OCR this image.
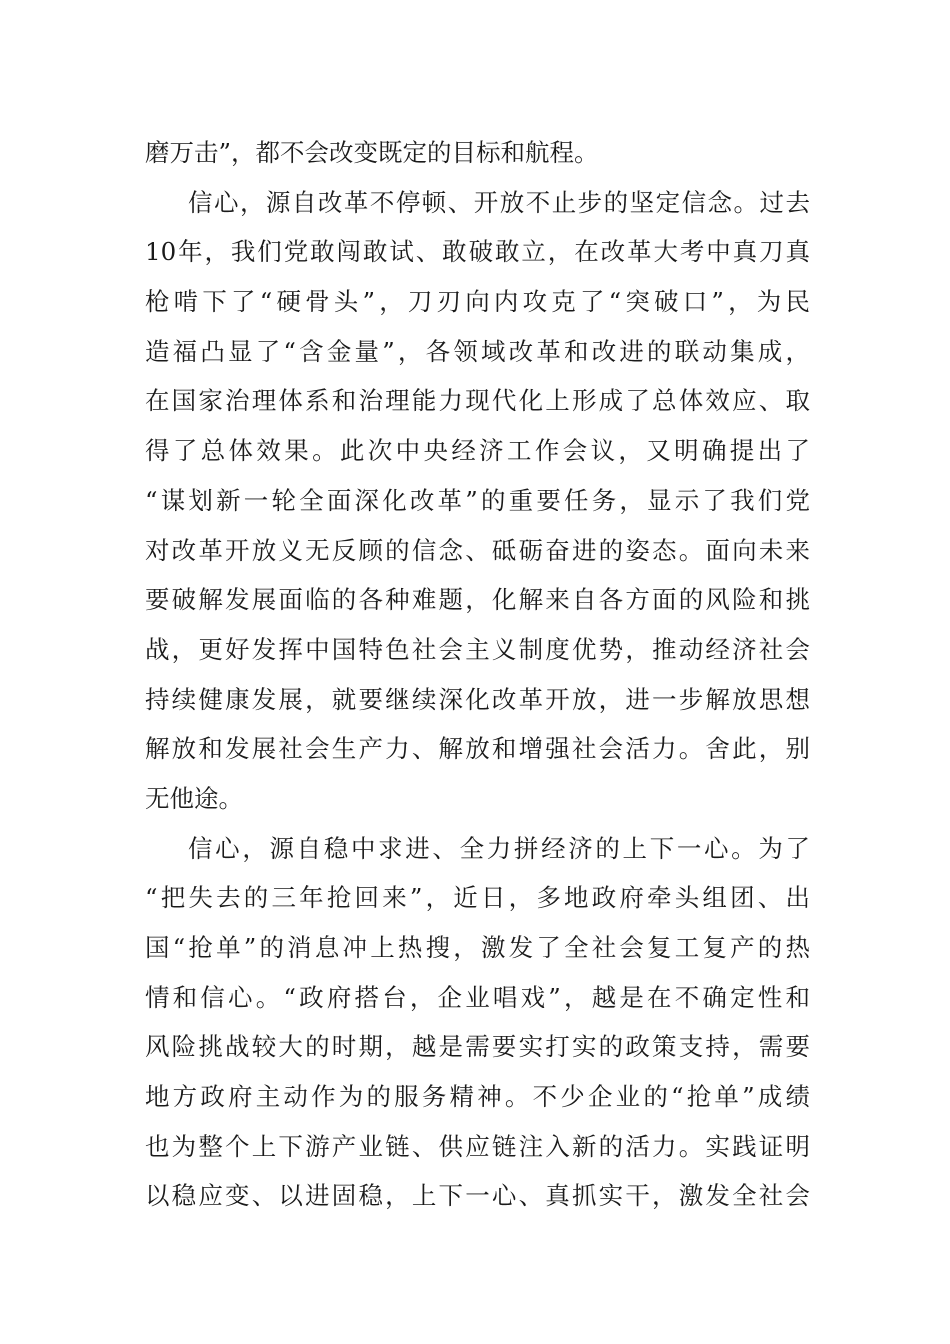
磨万击”，都不会改变既定的目标和航程。
信心，源自改革不停顿、开放不止步的坚定信念。过去
10年，我们党敢闯敢试、敢破敢立，在改革大考中真刀真
枪啃下了“硬骨头”，刀刃向内攻克了“突破口”，为民
造福凸显了“含金量”，各领域改革和改进的联动集成，
在国家治理体系和治理能力现代化上形成了总体效应、取
得了总体效果。此次中央经济工作会议，又明确提出了
“谋划新一轮全面深化改革”的重要任务，显示了我们党
对改革开放义无反顾的信念、砥砺奋进的姿态。面向未来
要破解发展面临的各种难题，化解来自各方面的风险和挑
战，更好发挥中国特色社会主义制度优势，推动经济社会
持续健康发展，就要继续深化改革开放，进一步解放思想
解放和发展社会生产力、解放和增强社会活力。舍此，别
无他途。
信心，源自稳中求进、全力拼经济的上下一心。为了
“把失去的三年抢回来”，近日，多地政府牵头组团、出
国“抢单”的消息冲上热搜，激发了全社会复工复产的热
情和信心。“政府搭台，企业唱戏”，越是在不确定性和
风险挑战较大的时期，越是需要实打实的政策支持，需要
地方政府主动作为的服务精神。不少企业的“抢单”成绩
也为整个上下游产业链、供应链注入新的活力。实践证明
以稳应变、以进固稳，上下一心、真抓实干，激发全社会
